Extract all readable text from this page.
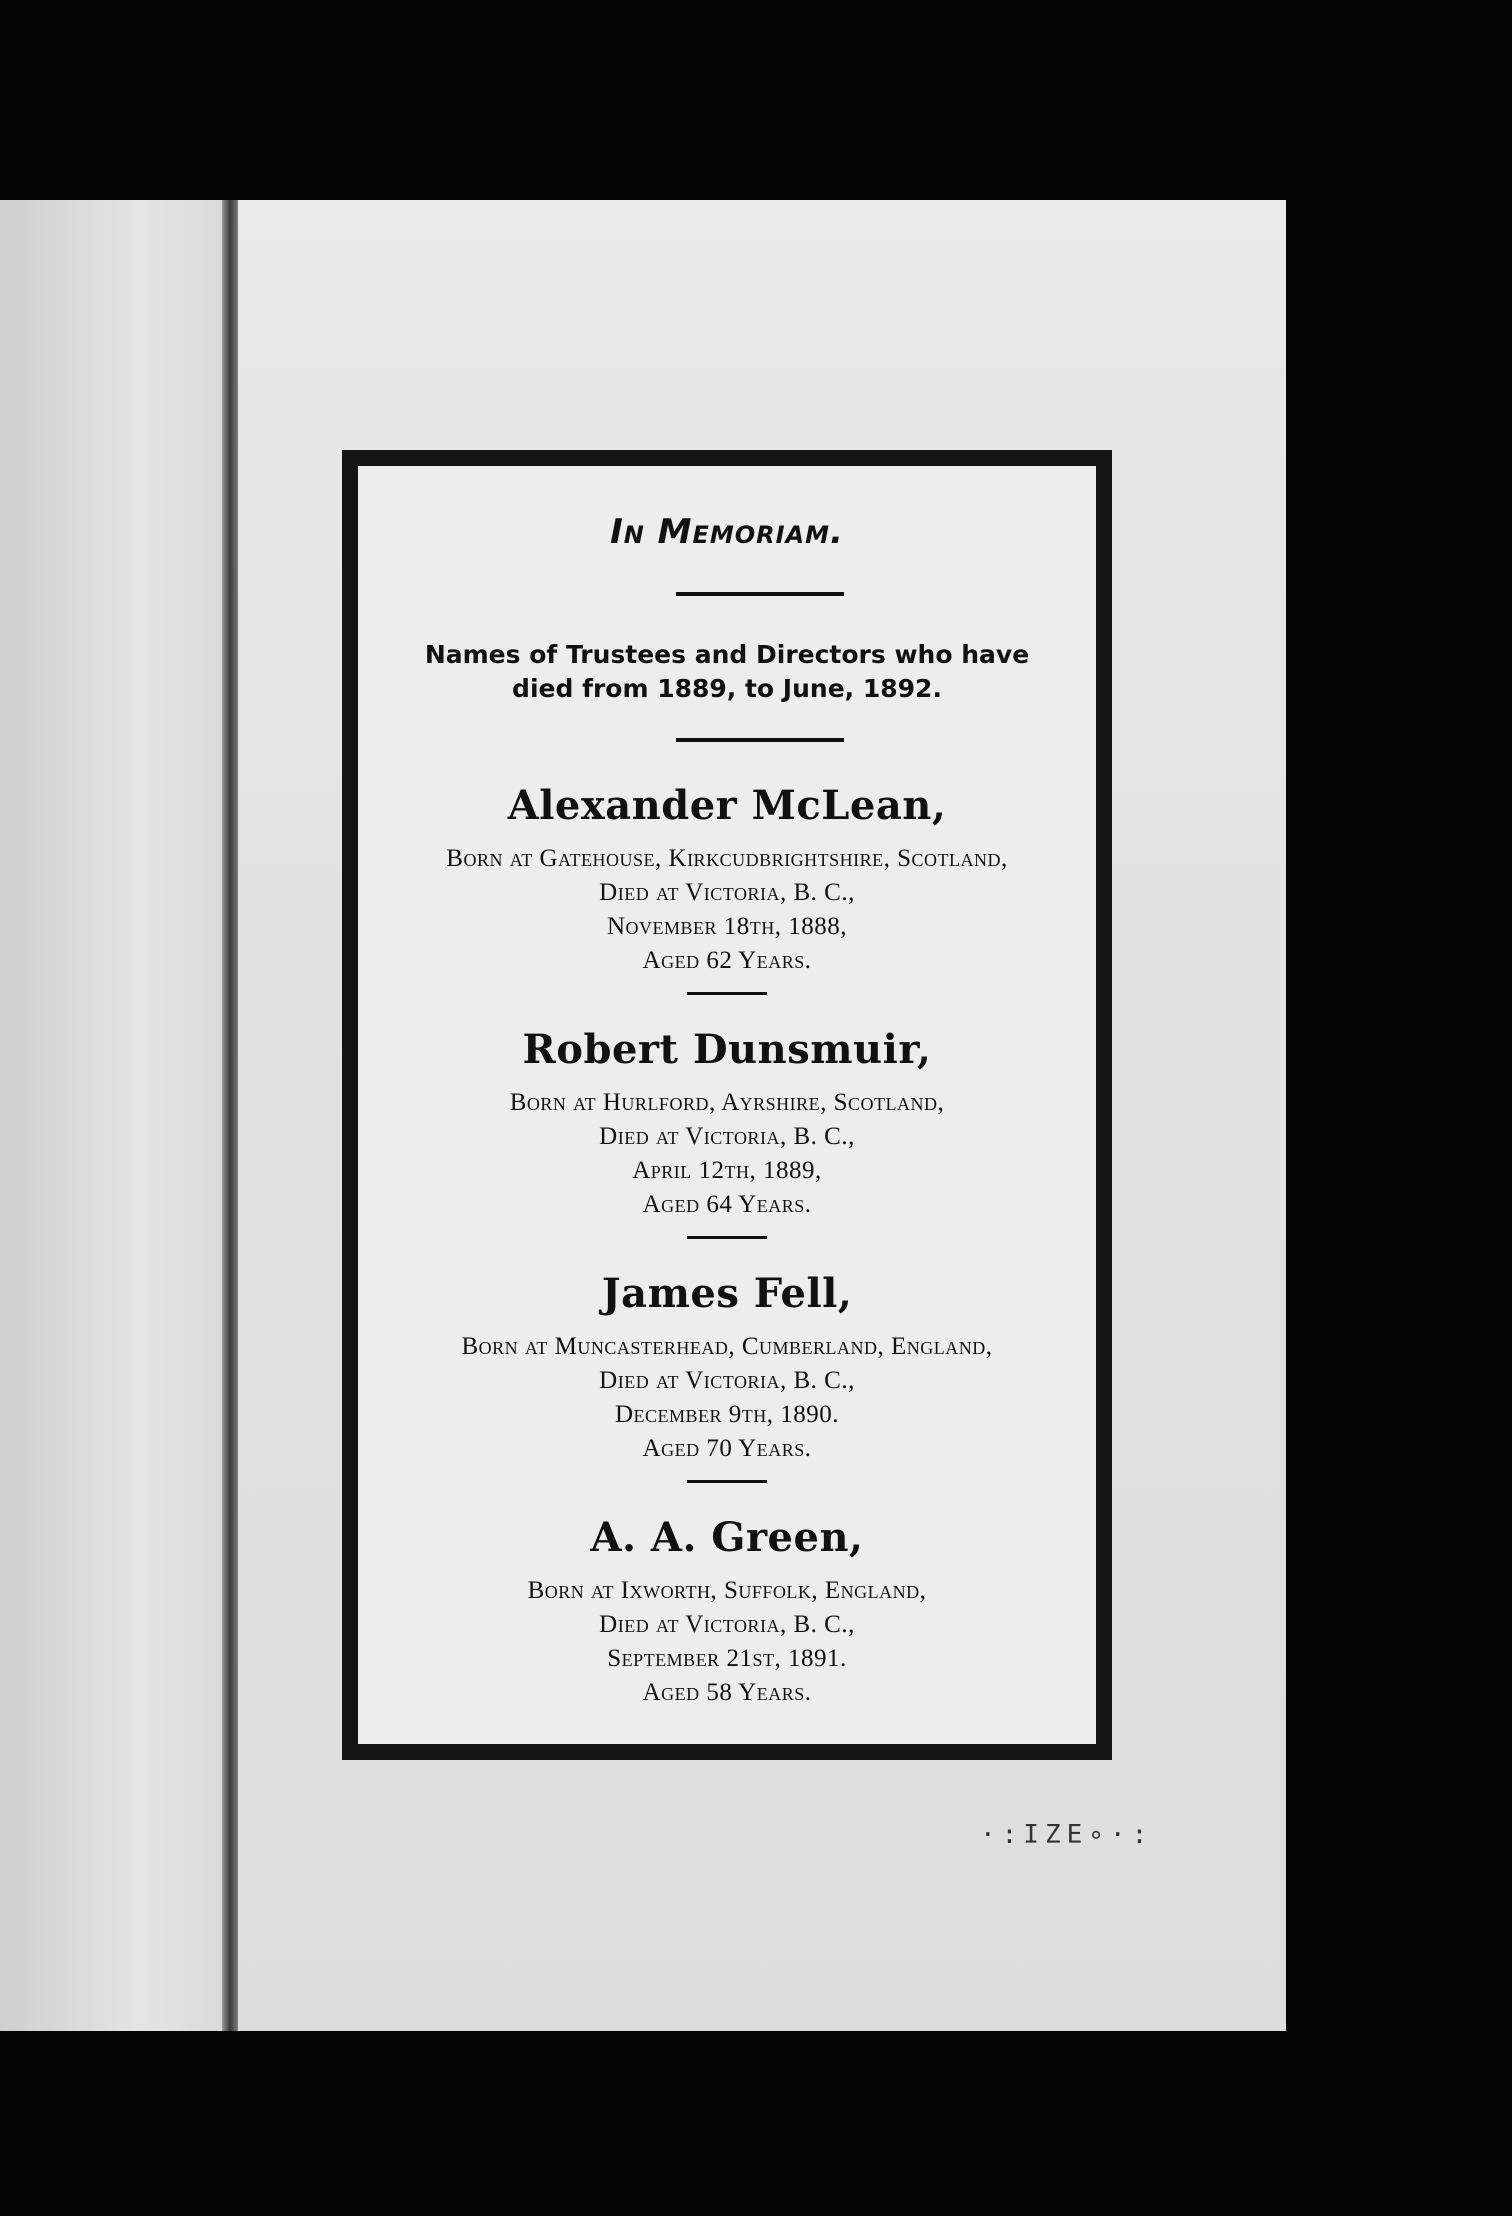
·:ΙΖΕ∘·:
In Memoriam.
Names of Trustees and Directors who have
died from 1889, to June, 1892.
Alexander McLean,
Born at Gatehouse, Kirkcudbrightshire, Scotland,
Died at Victoria, B. C.,
November 18th, 1888,
Aged 62 Years.
Robert Dunsmuir,
Born at Hurlford, Ayrshire, Scotland,
Died at Victoria, B. C.,
April 12th, 1889,
Aged 64 Years.
James Fell,
Born at Muncasterhead, Cumberland, England,
Died at Victoria, B. C.,
December 9th, 1890.
Aged 70 Years.
A. A. Green,
Born at Ixworth, Suffolk, England,
Died at Victoria, B. C.,
September 21st, 1891.
Aged 58 Years.
